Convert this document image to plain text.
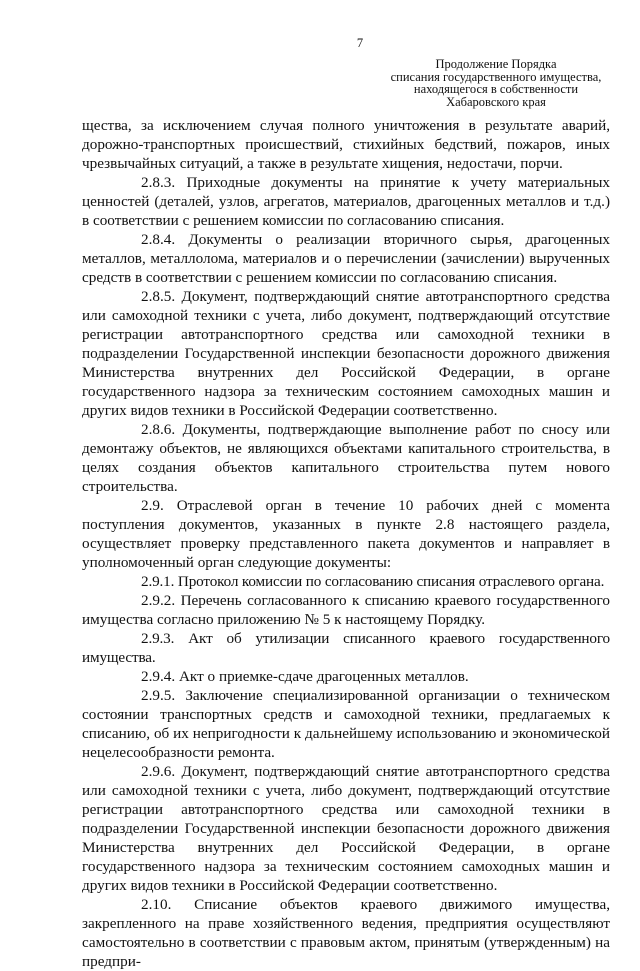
7
Продолжение Порядка
списания государственного имущества,
находящегося в собственности
Хабаровского края

щества, за исключением случая полного уничтожения в результате аварий, дорожно-транспортных происшествий, стихийных бедствий, пожаров, иных чрезвычайных ситуаций, а также в результате хищения, недостачи, порчи.

2.8.3. Приходные документы на принятие к учету материальных ценностей (деталей, узлов, агрегатов, материалов, драгоценных металлов и т.д.) в соответствии с решением комиссии по согласованию списания.

2.8.4. Документы о реализации вторичного сырья, драгоценных металлов, металлолома, материалов и о перечислении (зачислении) вырученных средств в соответствии с решением комиссии по согласованию списания.

2.8.5. Документ, подтверждающий снятие автотранспортного средства или самоходной техники с учета, либо документ, подтверждающий отсутствие регистрации автотранспортного средства или самоходной техники в подразделении Государственной инспекции безопасности дорожного движения Министерства внутренних дел Российской Федерации, в органе государственного надзора за техническим состоянием самоходных машин и других видов техники в Российской Федерации соответственно.

2.8.6. Документы, подтверждающие выполнение работ по сносу или демонтажу объектов, не являющихся объектами капитального строительства, в целях создания объектов капитального строительства путем нового строительства.

2.9. Отраслевой орган в течение 10 рабочих дней с момента поступления документов, указанных в пункте 2.8 настоящего раздела, осуществляет проверку представленного пакета документов и направляет в уполномоченный орган следующие документы:

2.9.1. Протокол комиссии по согласованию списания отраслевого органа.

2.9.2. Перечень согласованного к списанию краевого государственного имущества согласно приложению № 5 к настоящему Порядку.

2.9.3. Акт об утилизации списанного краевого государственного имущества.

2.9.4. Акт о приемке-сдаче драгоценных металлов.

2.9.5. Заключение специализированной организации о техническом состоянии транспортных средств и самоходной техники, предлагаемых к списанию, об их непригодности к дальнейшему использованию и экономической нецелесообразности ремонта.

2.9.6. Документ, подтверждающий снятие автотранспортного средства или самоходной техники с учета, либо документ, подтверждающий отсутствие регистрации автотранспортного средства или самоходной техники в подразделении Государственной инспекции безопасности дорожного движения Министерства внутренних дел Российской Федерации, в органе государственного надзора за техническим состоянием самоходных машин и других видов техники в Российской Федерации соответственно.

2.10. Списание объектов краевого движимого имущества, закрепленного на праве хозяйственного ведения, предприятия осуществляют самостоятельно в соответствии с правовым актом, принятым (утвержденным) на предпри-
